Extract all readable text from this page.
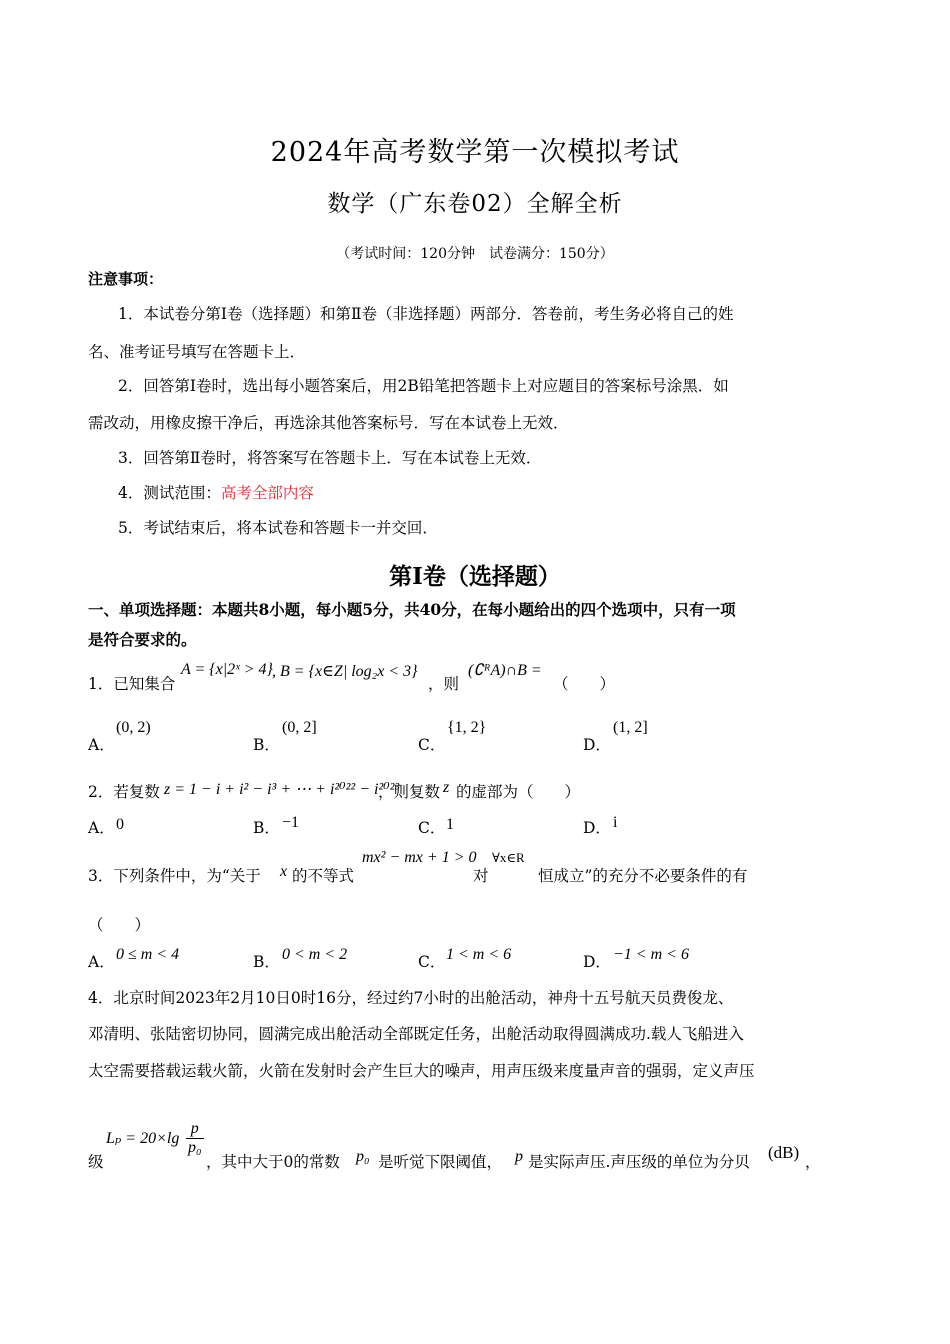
2024年高考数学第一次模拟考试
数学（广东卷02）全解全析
（考试时间：120分钟　试卷满分：150分）
注意事项：
1．本试卷分第Ⅰ卷（选择题）和第Ⅱ卷（非选择题）两部分．答卷前，考生务必将自己的姓
名、准考证号填写在答题卡上．
2．回答第Ⅰ卷时，选出每小题答案后，用2B铅笔把答题卡上对应题目的答案标号涂黑．如
需改动，用橡皮擦干净后，再选涂其他答案标号．写在本试卷上无效．
3．回答第Ⅱ卷时，将答案写在答题卡上．写在本试卷上无效．
4．测试范围：高考全部内容
5．考试结束后，将本试卷和答题卡一并交回．
第Ⅰ卷（选择题）
一、单项选择题：本题共8小题，每小题5分，共40分，在每小题给出的四个选项中，只有一项
是符合要求的。
1．已知集合
A = {x|2ˣ > 4} , B = {x∈Z| log₂x < 3}
，则
(∁ᴿA)∩B =
（　　）
A．
(0, 2)
B．
(0, 2]
C．
{1, 2}
D．
(1, 2]
2．若复数 z = 1 − i + i² − i³ + ⋯ + i²⁰²² − i²⁰²³
，则复数 z 的虚部为（　　）
A． 0	B． −1	C． 1	D． i
3．下列条件中，为“关于 x 的不等式
mx² − mx + 1 > 0
对
∀x∈R
恒成立”的充分不必要条件的有
（　　）
A． 0 ≤ m < 4	B． 0 < m < 2	C． 1 < m < 6	D． −1 < m < 6
4．北京时间2023年2月10日0时16分，经过约7小时的出舱活动，神舟十五号航天员费俊龙、
邓清明、张陆密切协同，圆满完成出舱活动全部既定任务，出舱活动取得圆满成功.载人飞船进入
太空需要搭载运载火箭，火箭在发射时会产生巨大的噪声，用声压级来度量声音的强弱，定义声压
级
$L_p = 20\times\lg \frac{p}{\text{p₀}}$
，其中大于0的常数 p₀ 是听觉下限阈值， p 是实际声压.声压级的单位为分贝 (dB) ，
